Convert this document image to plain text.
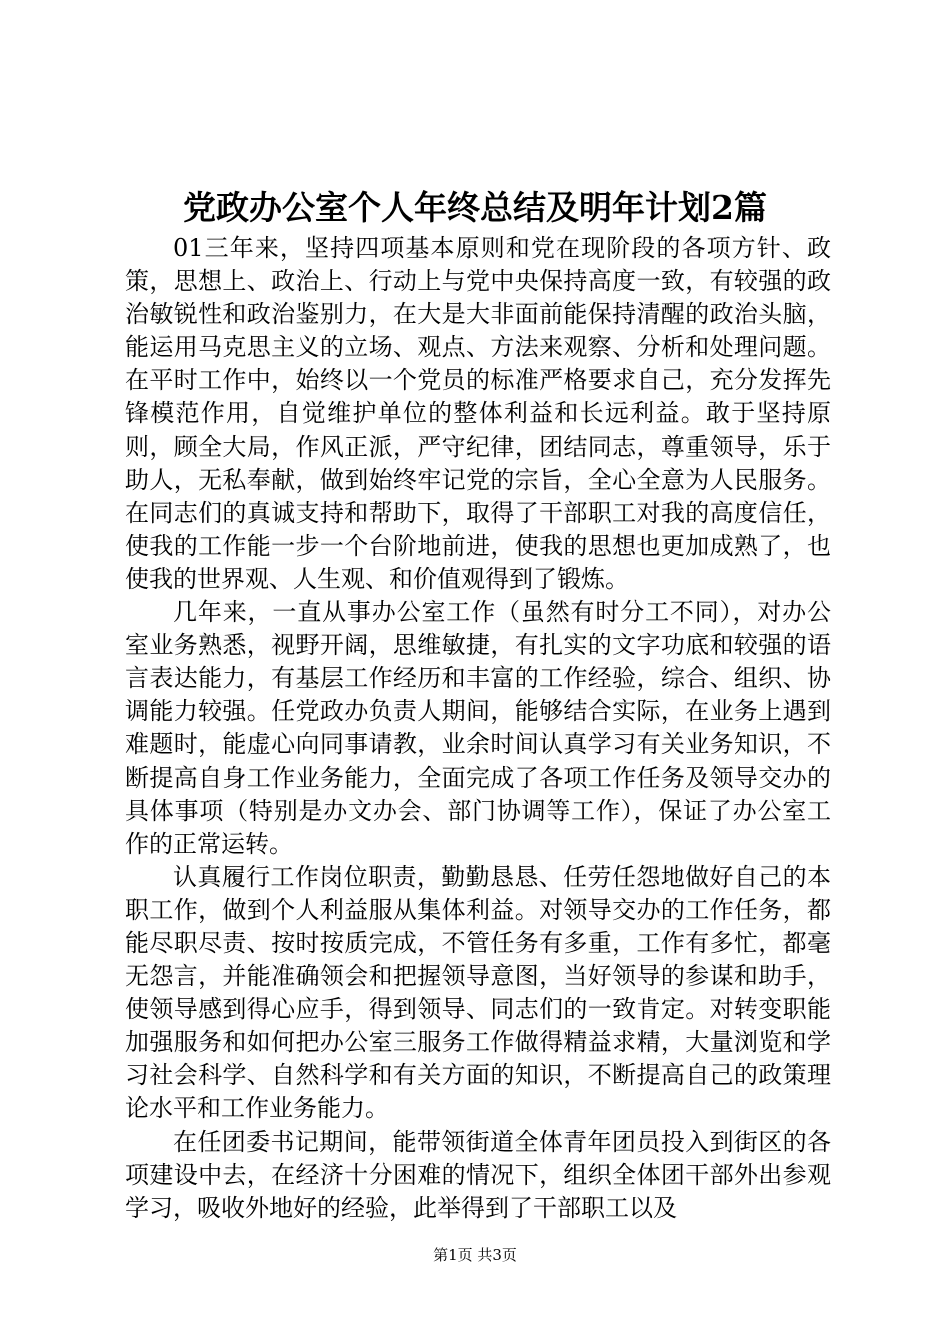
党政办公室个人年终总结及明年计划2篇

01三年来，坚持四项基本原则和党在现阶段的各项方针、政策，思想上、政治上、行动上与党中央保持高度一致，有较强的政治敏锐性和政治鉴别力，在大是大非面前能保持清醒的政治头脑，能运用马克思主义的立场、观点、方法来观察、分析和处理问题。在平时工作中，始终以一个党员的标准严格要求自己，充分发挥先锋模范作用，自觉维护单位的整体利益和长远利益。敢于坚持原则，顾全大局，作风正派，严守纪律，团结同志，尊重领导，乐于助人，无私奉献，做到始终牢记党的宗旨，全心全意为人民服务。在同志们的真诚支持和帮助下，取得了干部职工对我的高度信任，使我的工作能一步一个台阶地前进，使我的思想也更加成熟了，也使我的世界观、人生观、和价值观得到了锻炼。

几年来，一直从事办公室工作（虽然有时分工不同），对办公室业务熟悉，视野开阔，思维敏捷，有扎实的文字功底和较强的语言表达能力，有基层工作经历和丰富的工作经验，综合、组织、协调能力较强。任党政办负责人期间，能够结合实际，在业务上遇到难题时，能虚心向同事请教，业余时间认真学习有关业务知识，不断提高自身工作业务能力，全面完成了各项工作任务及领导交办的具体事项（特别是办文办会、部门协调等工作），保证了办公室工作的正常运转。

认真履行工作岗位职责，勤勤恳恳、任劳任怨地做好自己的本职工作，做到个人利益服从集体利益。对领导交办的工作任务，都能尽职尽责、按时按质完成，不管任务有多重，工作有多忙，都毫无怨言，并能准确领会和把握领导意图，当好领导的参谋和助手，使领导感到得心应手，得到领导、同志们的一致肯定。对转变职能加强服务和如何把办公室三服务工作做得精益求精，大量浏览和学习社会科学、自然科学和有关方面的知识，不断提高自己的政策理论水平和工作业务能力。

在任团委书记期间，能带领街道全体青年团员投入到街区的各项建设中去，在经济十分困难的情况下，组织全体团干部外出参观学习，吸收外地好的经验，此举得到了干部职工以及

第1页 共3页
